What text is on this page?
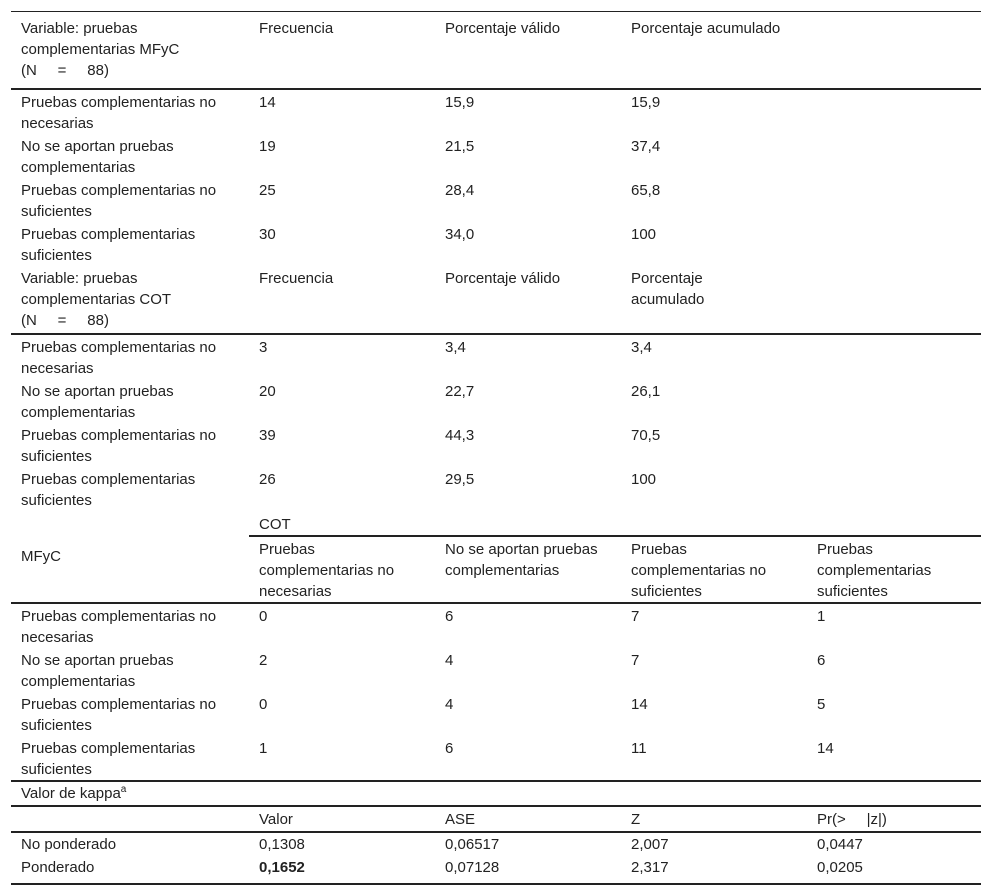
Variable: pruebas complementarias MFyC
(N     =     88)	Frecuencia	Porcentaje válido	Porcentaje acumulado	
Pruebas complementarias no necesarias	14	15,9	15,9	
No se aportan pruebas complementarias	19	21,5	37,4	
Pruebas complementarias no suficientes	25	28,4	65,8	
Pruebas complementarias suficientes	30	34,0	100	

Variable: pruebas complementarias COT
(N     =     88)	Frecuencia	Porcentaje válido	Porcentaje acumulado	
Pruebas complementarias no necesarias	3	3,4	3,4	
No se aportan pruebas complementarias	20	22,7	26,1	
Pruebas complementarias no suficientes	39	44,3	70,5	
Pruebas complementarias suficientes	26	29,5	100	
MFyC	COT			
	Pruebas complementarias no necesarias	No se aportan pruebas complementarias	Pruebas complementarias no suficientes	Pruebas complementarias suficientes
Pruebas complementarias no necesarias	0	6	7	1
No se aportan pruebas complementarias	2	4	7	6
Pruebas complementarias no suficientes	0	4	14	5
Pruebas complementarias suficientes	1	6	11	14
Valor de kappa$^a$
	Valor	ASE	Z	Pr(>     |z|)
No ponderado	0,1308	0,06517	2,007	0,0447
Ponderado	0,1652	0,07128	2,317	0,0205
